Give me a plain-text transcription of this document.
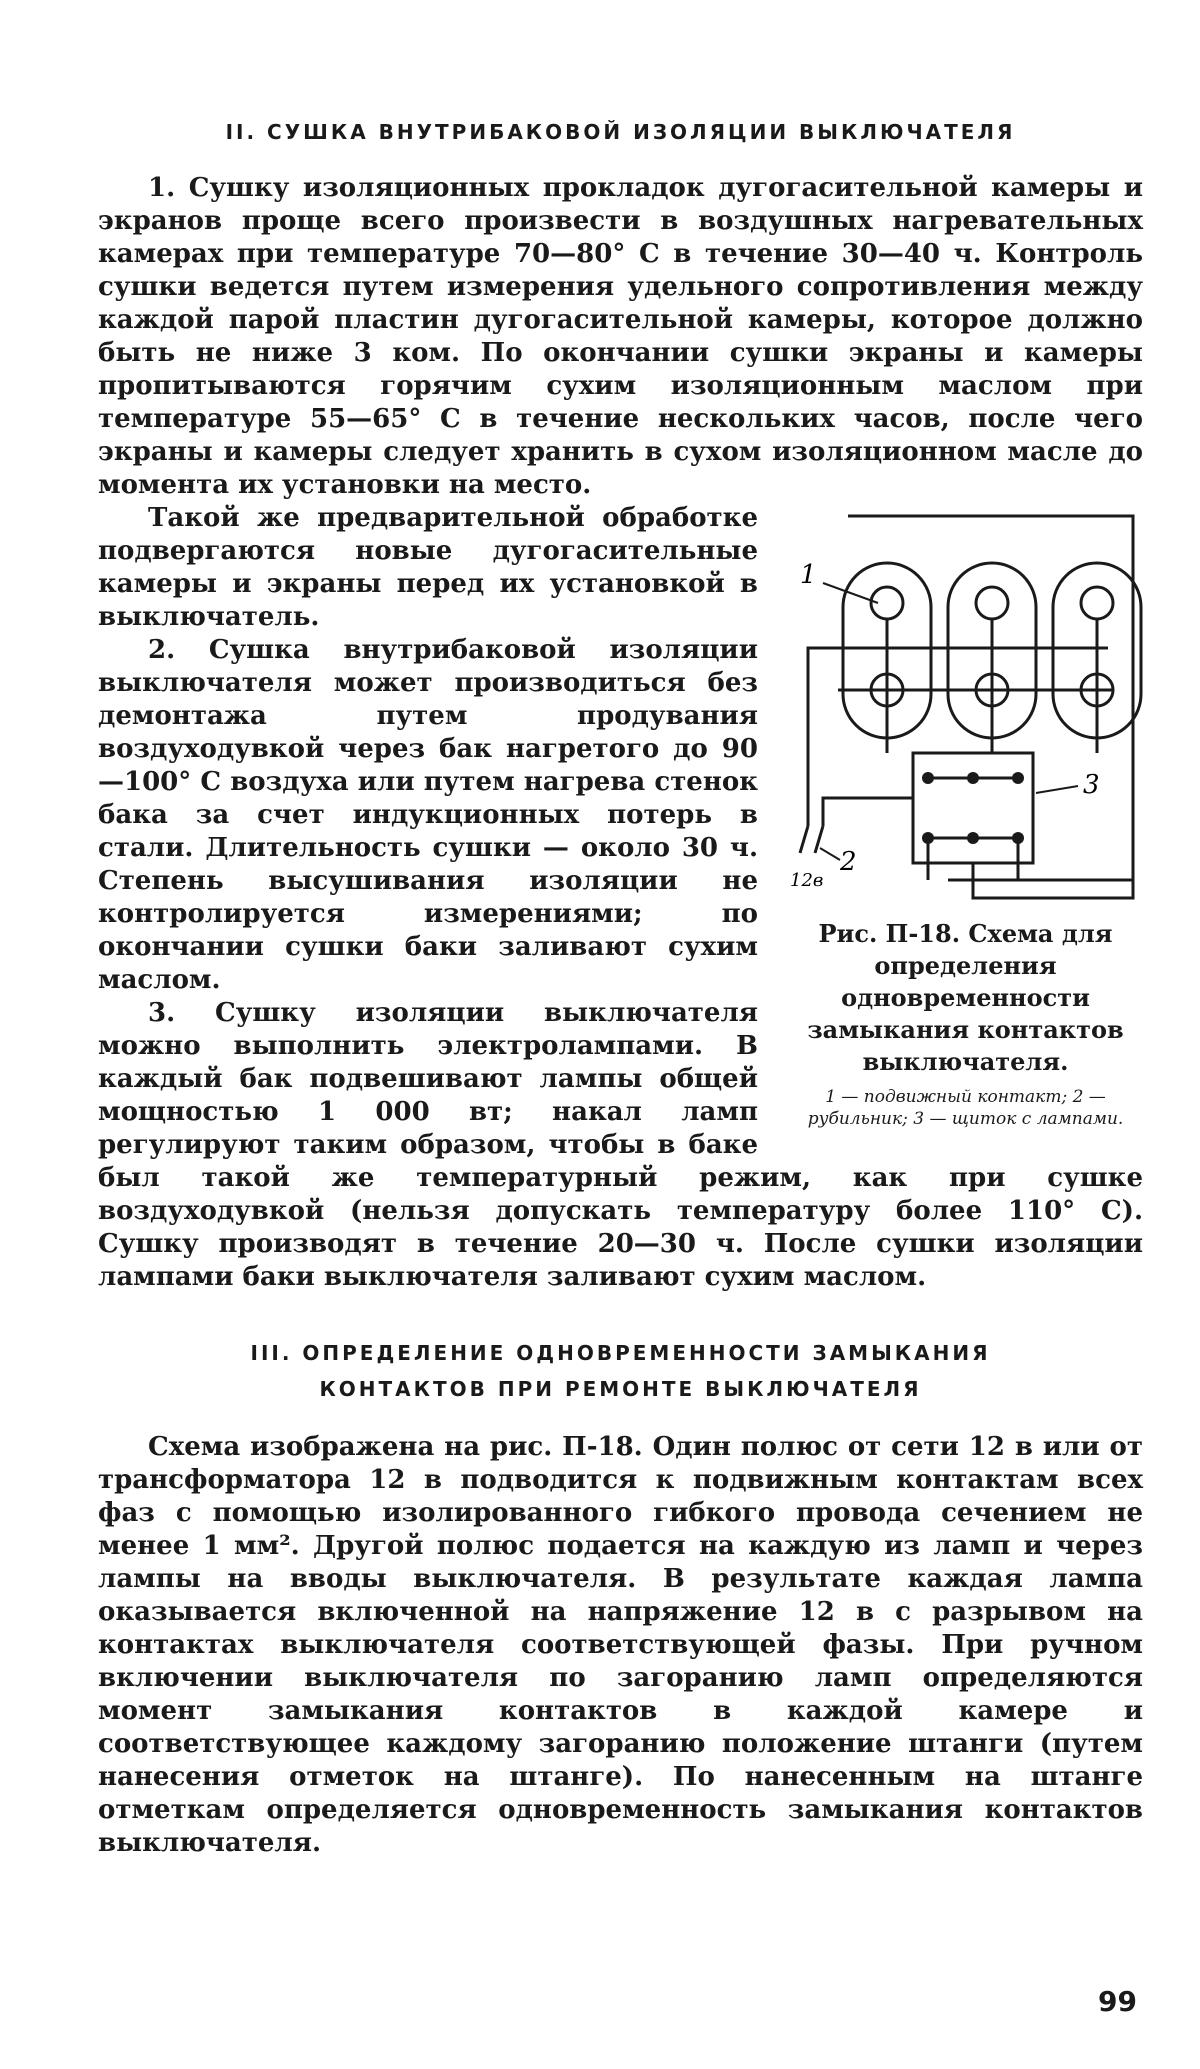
II. СУШКА ВНУТРИБАКОВОЙ ИЗОЛЯЦИИ ВЫКЛЮЧАТЕЛЯ

1. Сушку изоляционных прокладок дугогасительной камеры и экранов проще всего произвести в воздушных нагревательных камерах при температуре 70—80° С в течение 30—40 ч. Контроль сушки ведется путем измерения удельного сопротивления между каждой парой пластин дугогасительной камеры, которое должно быть не ниже 3 ком. По окончании сушки экраны и камеры пропитываются горячим сухим изоляционным маслом при температуре 55—65° С в течение нескольких часов, после чего экраны и камеры следует хранить в сухом изоляционном масле до момента их установки на место.

1
3
2
12в
Рис. П-18. Схема для определения одновременности замыкания контактов выключателя.
1 — подвижный контакт; 2 — рубильник; 3 — щиток с лампами.

Такой же предварительной обработке подвергаются новые дугогасительные камеры и экраны перед их установкой в выключатель.

2. Сушка внутрибаковой изоляции выключателя может производиться без демонтажа путем продувания воздуходувкой через бак нагретого до 90—100° С воздуха или путем нагрева стенок бака за счет индукционных потерь в стали. Длительность сушки — около 30 ч. Степень высушивания изоляции не контролируется измерениями; по окончании сушки баки заливают сухим маслом.

3. Сушку изоляции выключателя можно выполнить электролампами. В каждый бак подвешивают лампы общей мощностью 1 000 вт; накал ламп регулируют таким образом, чтобы в баке был такой же температурный режим, как при сушке воздуходувкой (нельзя допускать температуру более 110° С). Сушку производят в течение 20—30 ч. После сушки изоляции лампами баки выключателя заливают сухим маслом.

III. ОПРЕДЕЛЕНИЕ ОДНОВРЕМЕННОСТИ ЗАМЫКАНИЯ
КОНТАКТОВ ПРИ РЕМОНТЕ ВЫКЛЮЧАТЕЛЯ

Схема изображена на рис. П-18. Один полюс от сети 12 в или от трансформатора 12 в подводится к подвижным контактам всех фаз с помощью изолированного гибкого провода сечением не менее 1 мм². Другой полюс подается на каждую из ламп и через лампы на вводы выключателя. В результате каждая лампа оказывается включенной на напряжение 12 в с разрывом на контактах выключателя соответствующей фазы. При ручном включении выключателя по загоранию ламп определяются момент замыкания контактов в каждой камере и соответствующее каждому загоранию положение штанги (путем нанесения отметок на штанге). По нанесенным на штанге отметкам определяется одновременность замыкания контактов выключателя.

99
